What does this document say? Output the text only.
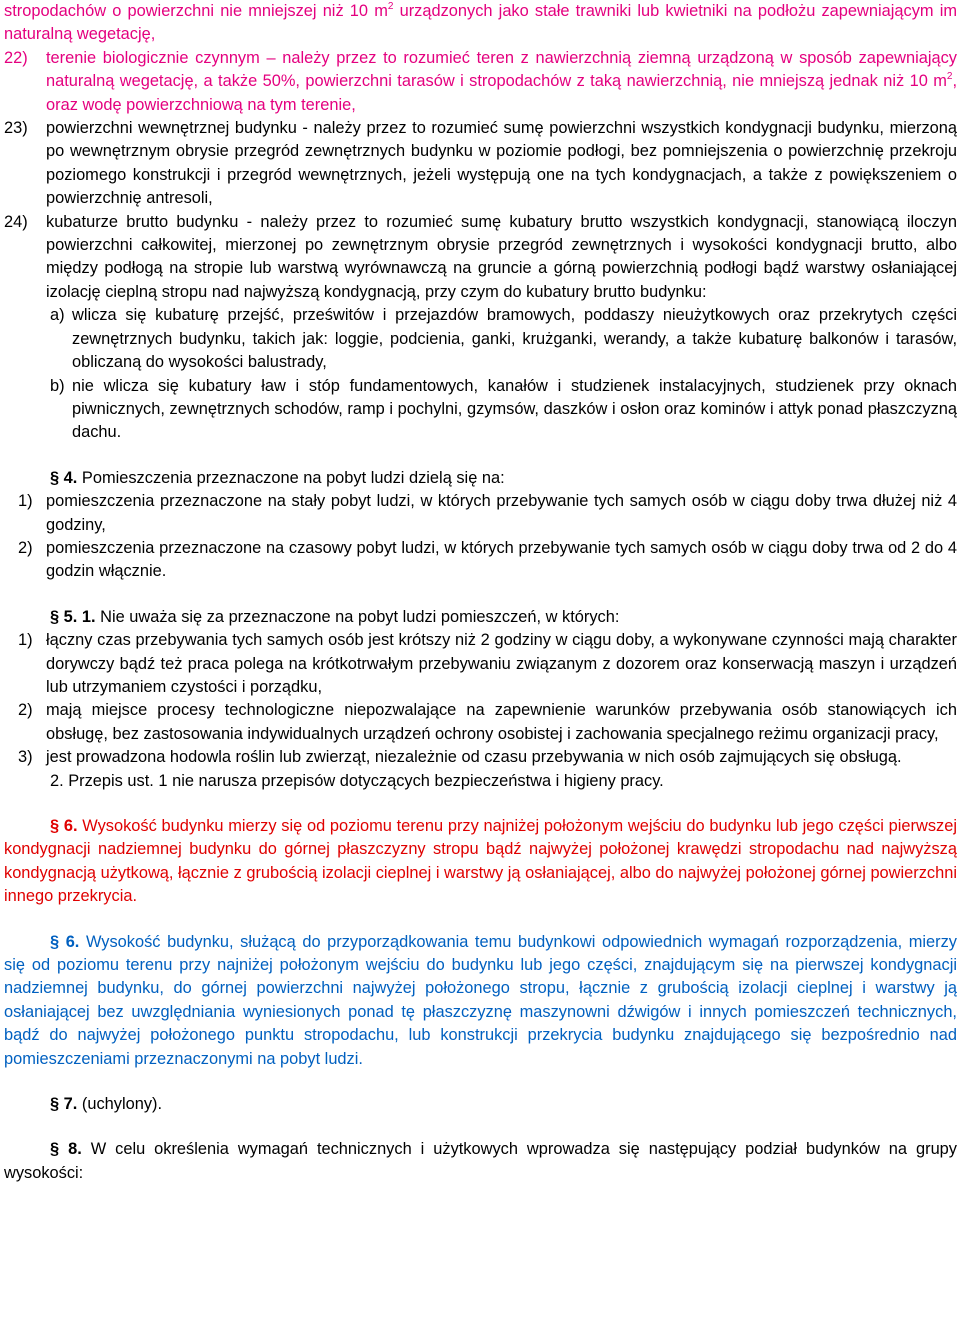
stropodachów o powierzchni nie mniejszej niż 10 $m^2$ urządzonych jako stałe trawniki lub kwietniki na podłożu zapewniającym im naturalną wegetację,
22) terenie biologicznie czynnym – należy przez to rozumieć teren z nawierzchnią ziemną urządzoną w sposób zapewniający naturalną wegetację, a także 50%, powierzchni tarasów i stropodachów z taką nawierzchnią, nie mniejszą jednak niż 10 $m^2$, oraz wodę powierzchniową na tym terenie,
23) powierzchni wewnętrznej budynku - należy przez to rozumieć sumę powierzchni wszystkich kondygnacji budynku, mierzoną po wewnętrznym obrysie przegród zewnętrznych budynku w poziomie podłogi, bez pomniejszenia o powierzchnię przekroju poziomego konstrukcji i przegród wewnętrznych, jeżeli występują one na tych kondygnacjach, a także z powiększeniem o powierzchnię antresoli,
24) kubaturze brutto budynku - należy przez to rozumieć sumę kubatury brutto wszystkich kondygnacji, stanowiącą iloczyn powierzchni całkowitej, mierzonej po zewnętrznym obrysie przegród zewnętrznych i wysokości kondygnacji brutto, albo między podłogą na stropie lub warstwą wyrównawczą na gruncie a górną powierzchnią podłogi bądź warstwy osłaniającej izolację cieplną stropu nad najwyższą kondygnacją, przy czym do kubatury brutto budynku:
a) wlicza się kubaturę przejść, prześwitów i przejazdów bramowych, poddaszy nieużytkowych oraz przekrytych części zewnętrznych budynku, takich jak: loggie, podcienia, ganki, krużganki, werandy, a także kubaturę balkonów i tarasów, obliczaną do wysokości balustrady,
b) nie wlicza się kubatury ław i stóp fundamentowych, kanałów i studzienek instalacyjnych, studzienek przy oknach piwnicznych, zewnętrznych schodów, ramp i pochylni, gzymsów, daszków i osłon oraz kominów i attyk ponad płaszczyzną dachu.
§ 4. Pomieszczenia przeznaczone na pobyt ludzi dzielą się na:
1) pomieszczenia przeznaczone na stały pobyt ludzi, w których przebywanie tych samych osób w ciągu doby trwa dłużej niż 4 godziny,
2) pomieszczenia przeznaczone na czasowy pobyt ludzi, w których przebywanie tych samych osób w ciągu doby trwa od 2 do 4 godzin włącznie.
§ 5. 1. Nie uważa się za przeznaczone na pobyt ludzi pomieszczeń, w których:
1) łączny czas przebywania tych samych osób jest krótszy niż 2 godziny w ciągu doby, a wykonywane czynności mają charakter dorywczy bądź też praca polega na krótkotrwałym przebywaniu związanym z dozorem oraz konserwacją maszyn i urządzeń lub utrzymaniem czystości i porządku,
2) mają miejsce procesy technologiczne niepozwalające na zapewnienie warunków przebywania osób stanowiących ich obsługę, bez zastosowania indywidualnych urządzeń ochrony osobistej i zachowania specjalnego reżimu organizacji pracy,
3) jest prowadzona hodowla roślin lub zwierząt, niezależnie od czasu przebywania w nich osób zajmujących się obsługą.
2. Przepis ust. 1 nie narusza przepisów dotyczących bezpieczeństwa i higieny pracy.
§ 6. Wysokość budynku mierzy się od poziomu terenu przy najniżej położonym wejściu do budynku lub jego części pierwszej kondygnacji nadziemnej budynku do górnej płaszczyzny stropu bądź najwyżej położonej krawędzi stropodachu nad najwyższą kondygnacją użytkową, łącznie z grubością izolacji cieplnej i warstwy ją osłaniającej, albo do najwyżej położonej górnej powierzchni innego przekrycia.
§ 6. Wysokość budynku, służącą do przyporządkowania temu budynkowi odpowiednich wymagań rozporządzenia, mierzy się od poziomu terenu przy najniżej położonym wejściu do budynku lub jego części, znajdującym się na pierwszej kondygnacji nadziemnej budynku, do górnej powierzchni najwyżej położonego stropu, łącznie z grubością izolacji cieplnej i warstwy ją osłaniającej bez uwzględniania wyniesionych ponad tę płaszczyznę maszynowni dźwigów i innych pomieszczeń technicznych, bądź do najwyżej położonego punktu stropodachu, lub konstrukcji przekrycia budynku znajdującego się bezpośrednio nad pomieszczeniami przeznaczonymi na pobyt ludzi.
§ 7. (uchylony).
§ 8. W celu określenia wymagań technicznych i użytkowych wprowadza się następujący podział budynków na grupy wysokości:
